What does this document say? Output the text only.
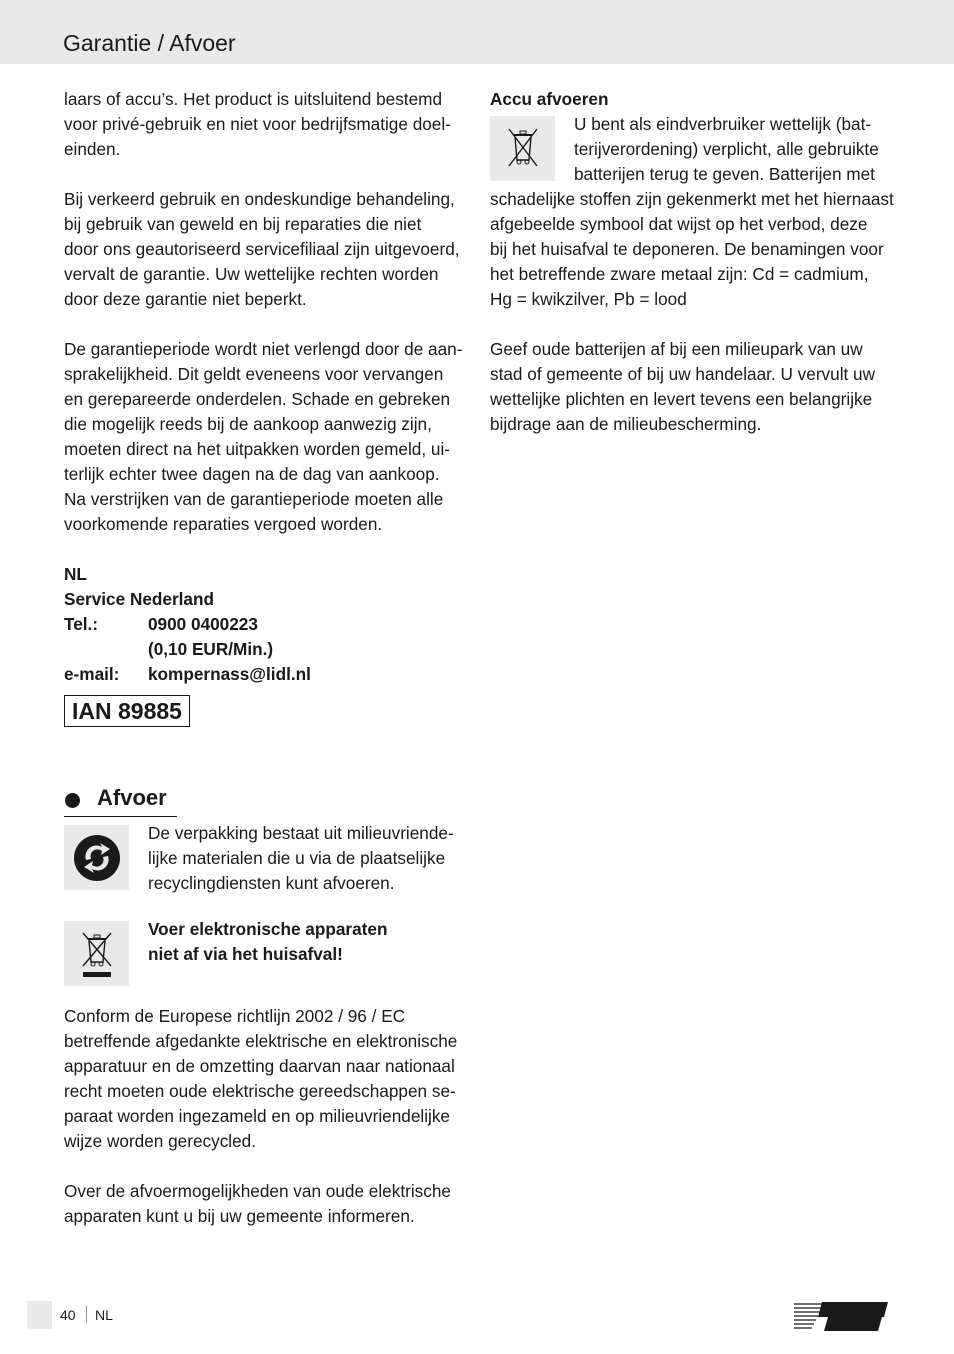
Garantie / Afvoer

laars of accu’s. Het product is uitsluitend bestemd
voor privé-gebruik en niet voor bedrijfsmatige doel-
einden.

Bij verkeerd gebruik en ondeskundige behandeling,
bij gebruik van geweld en bij reparaties die niet
door ons geautoriseerd servicefiliaal zijn uitgevoerd,
vervalt de garantie. Uw wettelijke rechten worden
door deze garantie niet beperkt.

De garantieperiode wordt niet verlengd door de aan-
sprakelijkheid. Dit geldt eveneens voor vervangen
en gerepareerde onderdelen. Schade en gebreken
die mogelijk reeds bij de aankoop aanwezig zijn,
moeten direct na het uitpakken worden gemeld, ui-
terlijk echter twee dagen na de dag van aankoop.
Na verstrijken van de garantieperiode moeten alle
voorkomende reparaties vergoed worden.

NL
Service Nederland
Tel.:	0900 0400223
(0,10 EUR/Min.)
e-mail:	kompernass@lidl.nl
IAN 89885
Afvoer
De verpakking bestaat uit milieuvriende-
lijke materialen die u via de plaatselijke
recyclingdiensten kunt afvoeren.
Voer elektronische apparaten
niet af via het huisafval!

Conform de Europese richtlijn 2002 / 96 / EC
betreffende afgedankte elektrische en elektronische
apparatuur en de omzetting daarvan naar nationaal
recht moeten oude elektrische gereedschappen se-
paraat worden ingezameld en op milieuvriendelijke
wijze worden gerecycled.

Over de afvoermogelijkheden van oude elektrische
apparaten kunt u bij uw gemeente informeren.

Accu afvoeren

U bent als eindverbruiker wettelijk (bat-
terijverordening) verplicht, alle gebruikte
batterijen terug te geven. Batterijen met
schadelijke stoffen zijn gekenmerkt met het hiernaast
afgebeelde symbool dat wijst op het verbod, deze
bij het huisafval te deponeren. De benamingen voor
het betreffende zware metaal zijn: Cd = cadmium,
Hg = kwikzilver, Pb = lood

Geef oude batterijen af bij een milieupark van uw
stad of gemeente of bij uw handelaar. U vervult uw
wettelijke plichten en levert tevens een belangrijke
bijdrage aan de milieubescherming.

40 NL
